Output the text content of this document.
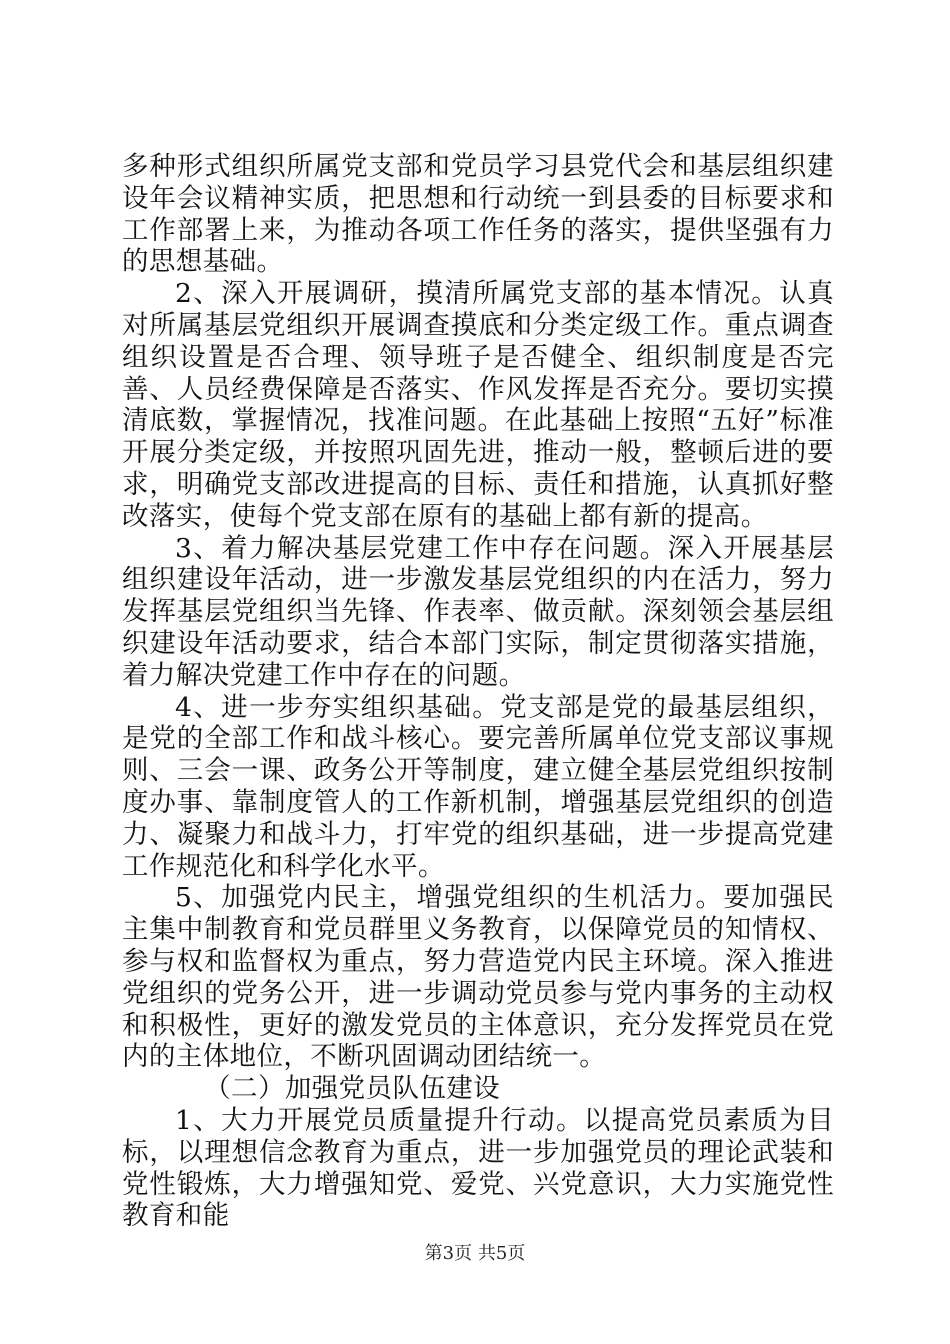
多种形式组织所属党支部和党员学习县党代会和基层组织建设年会议精神实质，把思想和行动统一到县委的目标要求和工作部署上来，为推动各项工作任务的落实，提供坚强有力的思想基础。

2、深入开展调研，摸清所属党支部的基本情况。认真对所属基层党组织开展调查摸底和分类定级工作。重点调查组织设置是否合理、领导班子是否健全、组织制度是否完善、人员经费保障是否落实、作风发挥是否充分。要切实摸清底数，掌握情况，找准问题。在此基础上按照“五好”标准开展分类定级，并按照巩固先进，推动一般，整顿后进的要求，明确党支部改进提高的目标、责任和措施，认真抓好整改落实，使每个党支部在原有的基础上都有新的提高。

3、着力解决基层党建工作中存在问题。深入开展基层组织建设年活动，进一步激发基层党组织的内在活力，努力发挥基层党组织当先锋、作表率、做贡献。深刻领会基层组织建设年活动要求，结合本部门实际，制定贯彻落实措施，着力解决党建工作中存在的问题。

4、进一步夯实组织基础。党支部是党的最基层组织，是党的全部工作和战斗核心。要完善所属单位党支部议事规则、三会一课、政务公开等制度，建立健全基层党组织按制度办事、靠制度管人的工作新机制，增强基层党组织的创造力、凝聚力和战斗力，打牢党的组织基础，进一步提高党建工作规范化和科学化水平。

5、加强党内民主，增强党组织的生机活力。要加强民主集中制教育和党员群里义务教育，以保障党员的知情权、参与权和监督权为重点，努力营造党内民主环境。深入推进党组织的党务公开，进一步调动党员参与党内事务的主动权和积极性，更好的激发党员的主体意识，充分发挥党员在党内的主体地位，不断巩固调动团结统一。

（二）加强党员队伍建设

1、大力开展党员质量提升行动。以提高党员素质为目标，以理想信念教育为重点，进一步加强党员的理论武装和党性锻炼，大力增强知党、爱党、兴党意识，大力实施党性教育和能

第3页 共5页
